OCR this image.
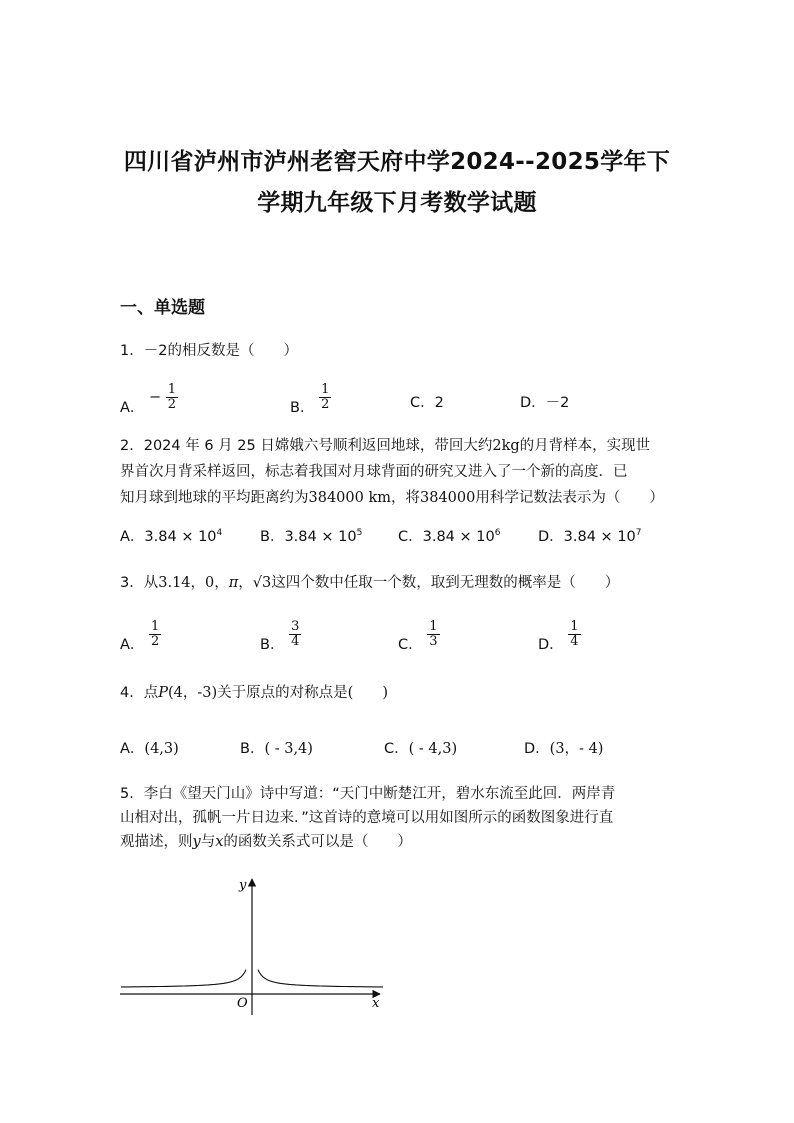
四川省泸州市泸州老窖天府中学2024--2025学年下
学期九年级下月考数学试题
一、单选题
1．－2的相反数是（　　）
A． − $\frac{1}{2}$	B． $\frac{1}{2}$	C．2	D．－2
2．2024 年 6 月 25 日嫦娥六号顺利返回地球，带回大约2kg的月背样本，实现世
界首次月背采样返回，标志着我国对月球背面的研究又进入了一个新的高度．已
知月球到地球的平均距离约为384000 km，将384000用科学记数法表示为（　　）
A．$3.84 \times 10^4$	B．$3.84 \times 10^5$ C．$3.84 \times 10^6$	D．$3.84 \times 10^7$
3．从3.14，0，π，√3这四个数中任取一个数，取到无理数的概率是（　　）
A． $\frac{1}{2}$	B． $\frac{3}{4}$	C． $\frac{1}{3}$	D． $\frac{1}{4}$
4．点P(4，-3)关于原点的对称点是(　　)
A．(4,3)	B．( - 3,4)	C．( - 4,3)	D．(3，- 4)
5．李白《望天门山》诗中写道：“天门中断楚江开，碧水东流至此回．两岸青
山相对出，孤帆一片日边来．”这首诗的意境可以用如图所示的函数图象进行直
观描述，则y与x的函数关系式可以是（　　）
y
x
O
